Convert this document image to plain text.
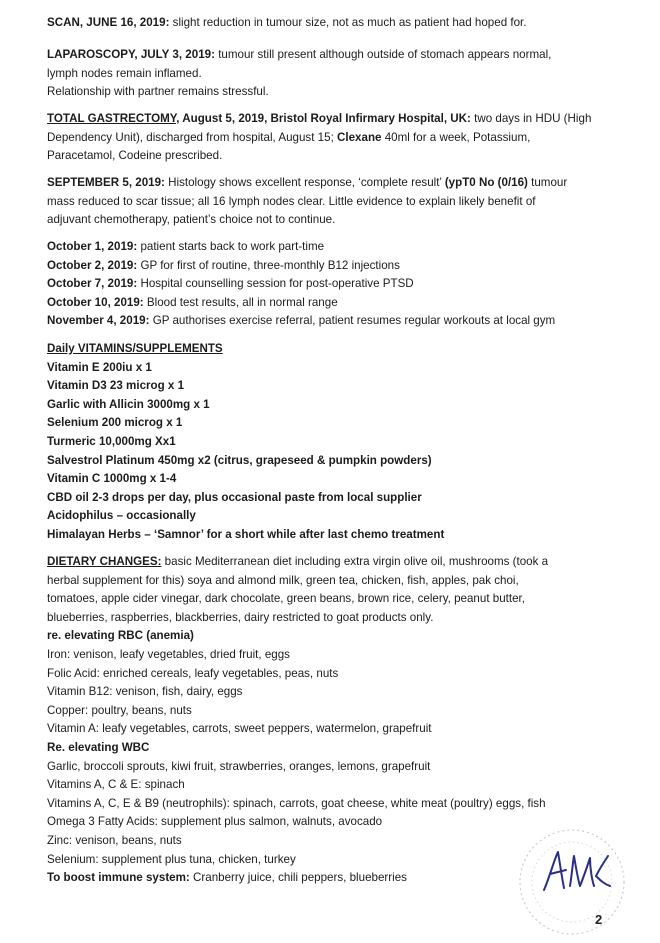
SCAN, JUNE 16, 2019: slight reduction in tumour size, not as much as patient had hoped for.

LAPAROSCOPY, JULY 3, 2019: tumour still present although outside of stomach appears normal,
lymph nodes remain inflamed.

Relationship with partner remains stressful.

TOTAL GASTRECTOMY, August 5, 2019, Bristol Royal Infirmary Hospital, UK: two days in HDU (High
Dependency Unit), discharged from hospital, August 15; Clexane 40ml for a week, Potassium,
Paracetamol, Codeine prescribed.

SEPTEMBER 5, 2019: Histology shows excellent response, ‘complete result’ (ypT0 No (0/16) tumour
mass reduced to scar tissue; all 16 lymph nodes clear. Little evidence to explain likely benefit of
adjuvant chemotherapy, patient’s choice not to continue.

October 1, 2019: patient starts back to work part-time
October 2, 2019: GP for first of routine, three-monthly B12 injections
October 7, 2019: Hospital counselling session for post-operative PTSD
October 10, 2019: Blood test results, all in normal range
November 4, 2019: GP authorises exercise referral, patient resumes regular workouts at local gym

Daily VITAMINS/SUPPLEMENTS
Vitamin E 200iu x 1
Vitamin D3 23 microg x 1
Garlic with Allicin 3000mg x 1
Selenium 200 microg x 1
Turmeric 10,000mg Xx1
Salvestrol Platinum 450mg x2 (citrus, grapeseed & pumpkin powders)
Vitamin C 1000mg x 1-4
CBD oil 2-3 drops per day, plus occasional paste from local supplier
Acidophilus – occasionally
Himalayan Herbs – ‘Samnor’ for a short while after last chemo treatment

DIETARY CHANGES: basic Mediterranean diet including extra virgin olive oil, mushrooms (took a
herbal supplement for this) soya and almond milk, green tea, chicken, fish, apples, pak choi,
tomatoes, apple cider vinegar, dark chocolate, green beans, brown rice, celery, peanut butter,
blueberries, raspberries, blackberries, dairy restricted to goat products only.
re. elevating RBC (anemia)
Iron: venison, leafy vegetables, dried fruit, eggs
Folic Acid: enriched cereals, leafy vegetables, peas, nuts
Vitamin B12: venison, fish, dairy, eggs
Copper: poultry, beans, nuts
Vitamin A: leafy vegetables, carrots, sweet peppers, watermelon, grapefruit
Re. elevating WBC
Garlic, broccoli sprouts, kiwi fruit, strawberries, oranges, lemons, grapefruit
Vitamins A, C & E: spinach
Vitamins A, C, E & B9 (neutrophils): spinach, carrots, goat cheese, white meat (poultry) eggs, fish
Omega 3 Fatty Acids: supplement plus salmon, walnuts, avocado
Zinc: venison, beans, nuts
Selenium: supplement plus tuna, chicken, turkey
To boost immune system: Cranberry juice, chili peppers, blueberries

2
